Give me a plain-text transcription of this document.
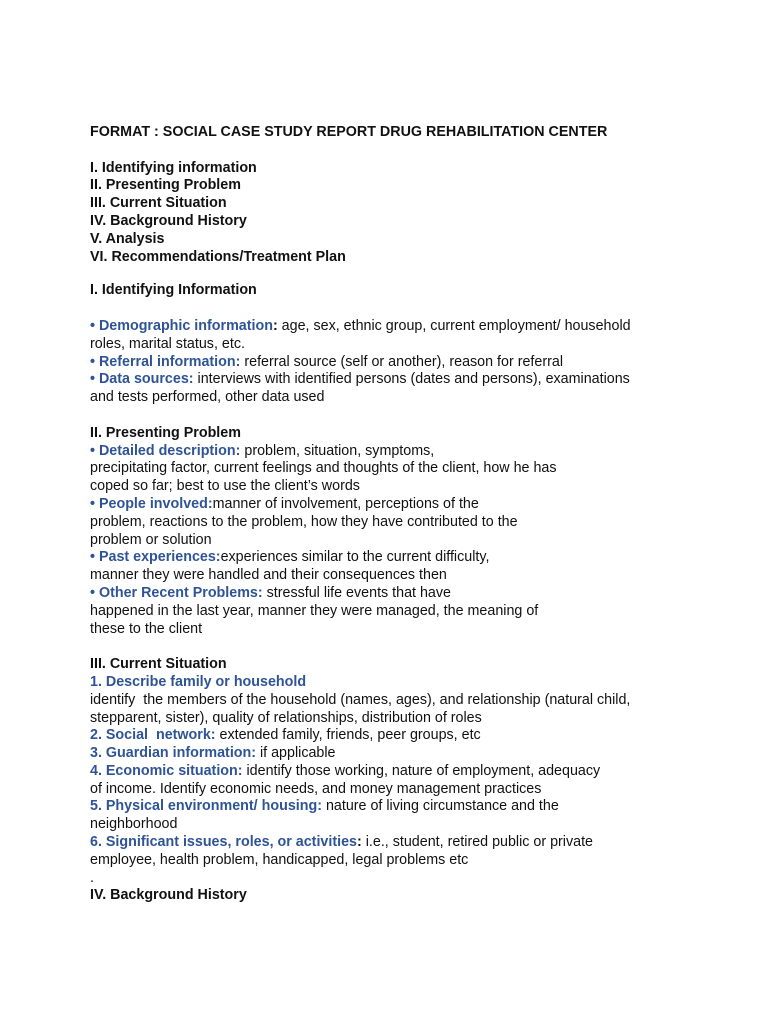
FORMAT : SOCIAL CASE STUDY REPORT DRUG REHABILITATION CENTER
I. Identifying information
II. Presenting Problem
III. Current Situation
IV. Background History
V. Analysis
VI. Recommendations/Treatment Plan
I. Identifying Information
• Demographic information: age, sex, ethnic group, current employment/ household
roles, marital status, etc.
• Referral information: referral source (self or another), reason for referral
• Data sources: interviews with identified persons (dates and persons), examinations
and tests performed, other data used
II. Presenting Problem
• Detailed description: problem, situation, symptoms,
precipitating factor, current feelings and thoughts of the client, how he has
coped so far; best to use the client’s words
• People involved:manner of involvement, perceptions of the
problem, reactions to the problem, how they have contributed to the
problem or solution
• Past experiences:experiences similar to the current difficulty,
manner they were handled and their consequences then
• Other Recent Problems: stressful life events that have
happened in the last year, manner they were managed, the meaning of
these to the client
III. Current Situation
1. Describe family or household
identify  the members of the household (names, ages), and relationship (natural child,
stepparent, sister), quality of relationships, distribution of roles
2. Social  network: extended family, friends, peer groups, etc
3. Guardian information: if applicable
4. Economic situation: identify those working, nature of employment, adequacy
of income. Identify economic needs, and money management practices
5. Physical environment/ housing: nature of living circumstance and the
neighborhood
6. Significant issues, roles, or activities: i.e., student, retired public or private
employee, health problem, handicapped, legal problems etc
.
IV. Background History
